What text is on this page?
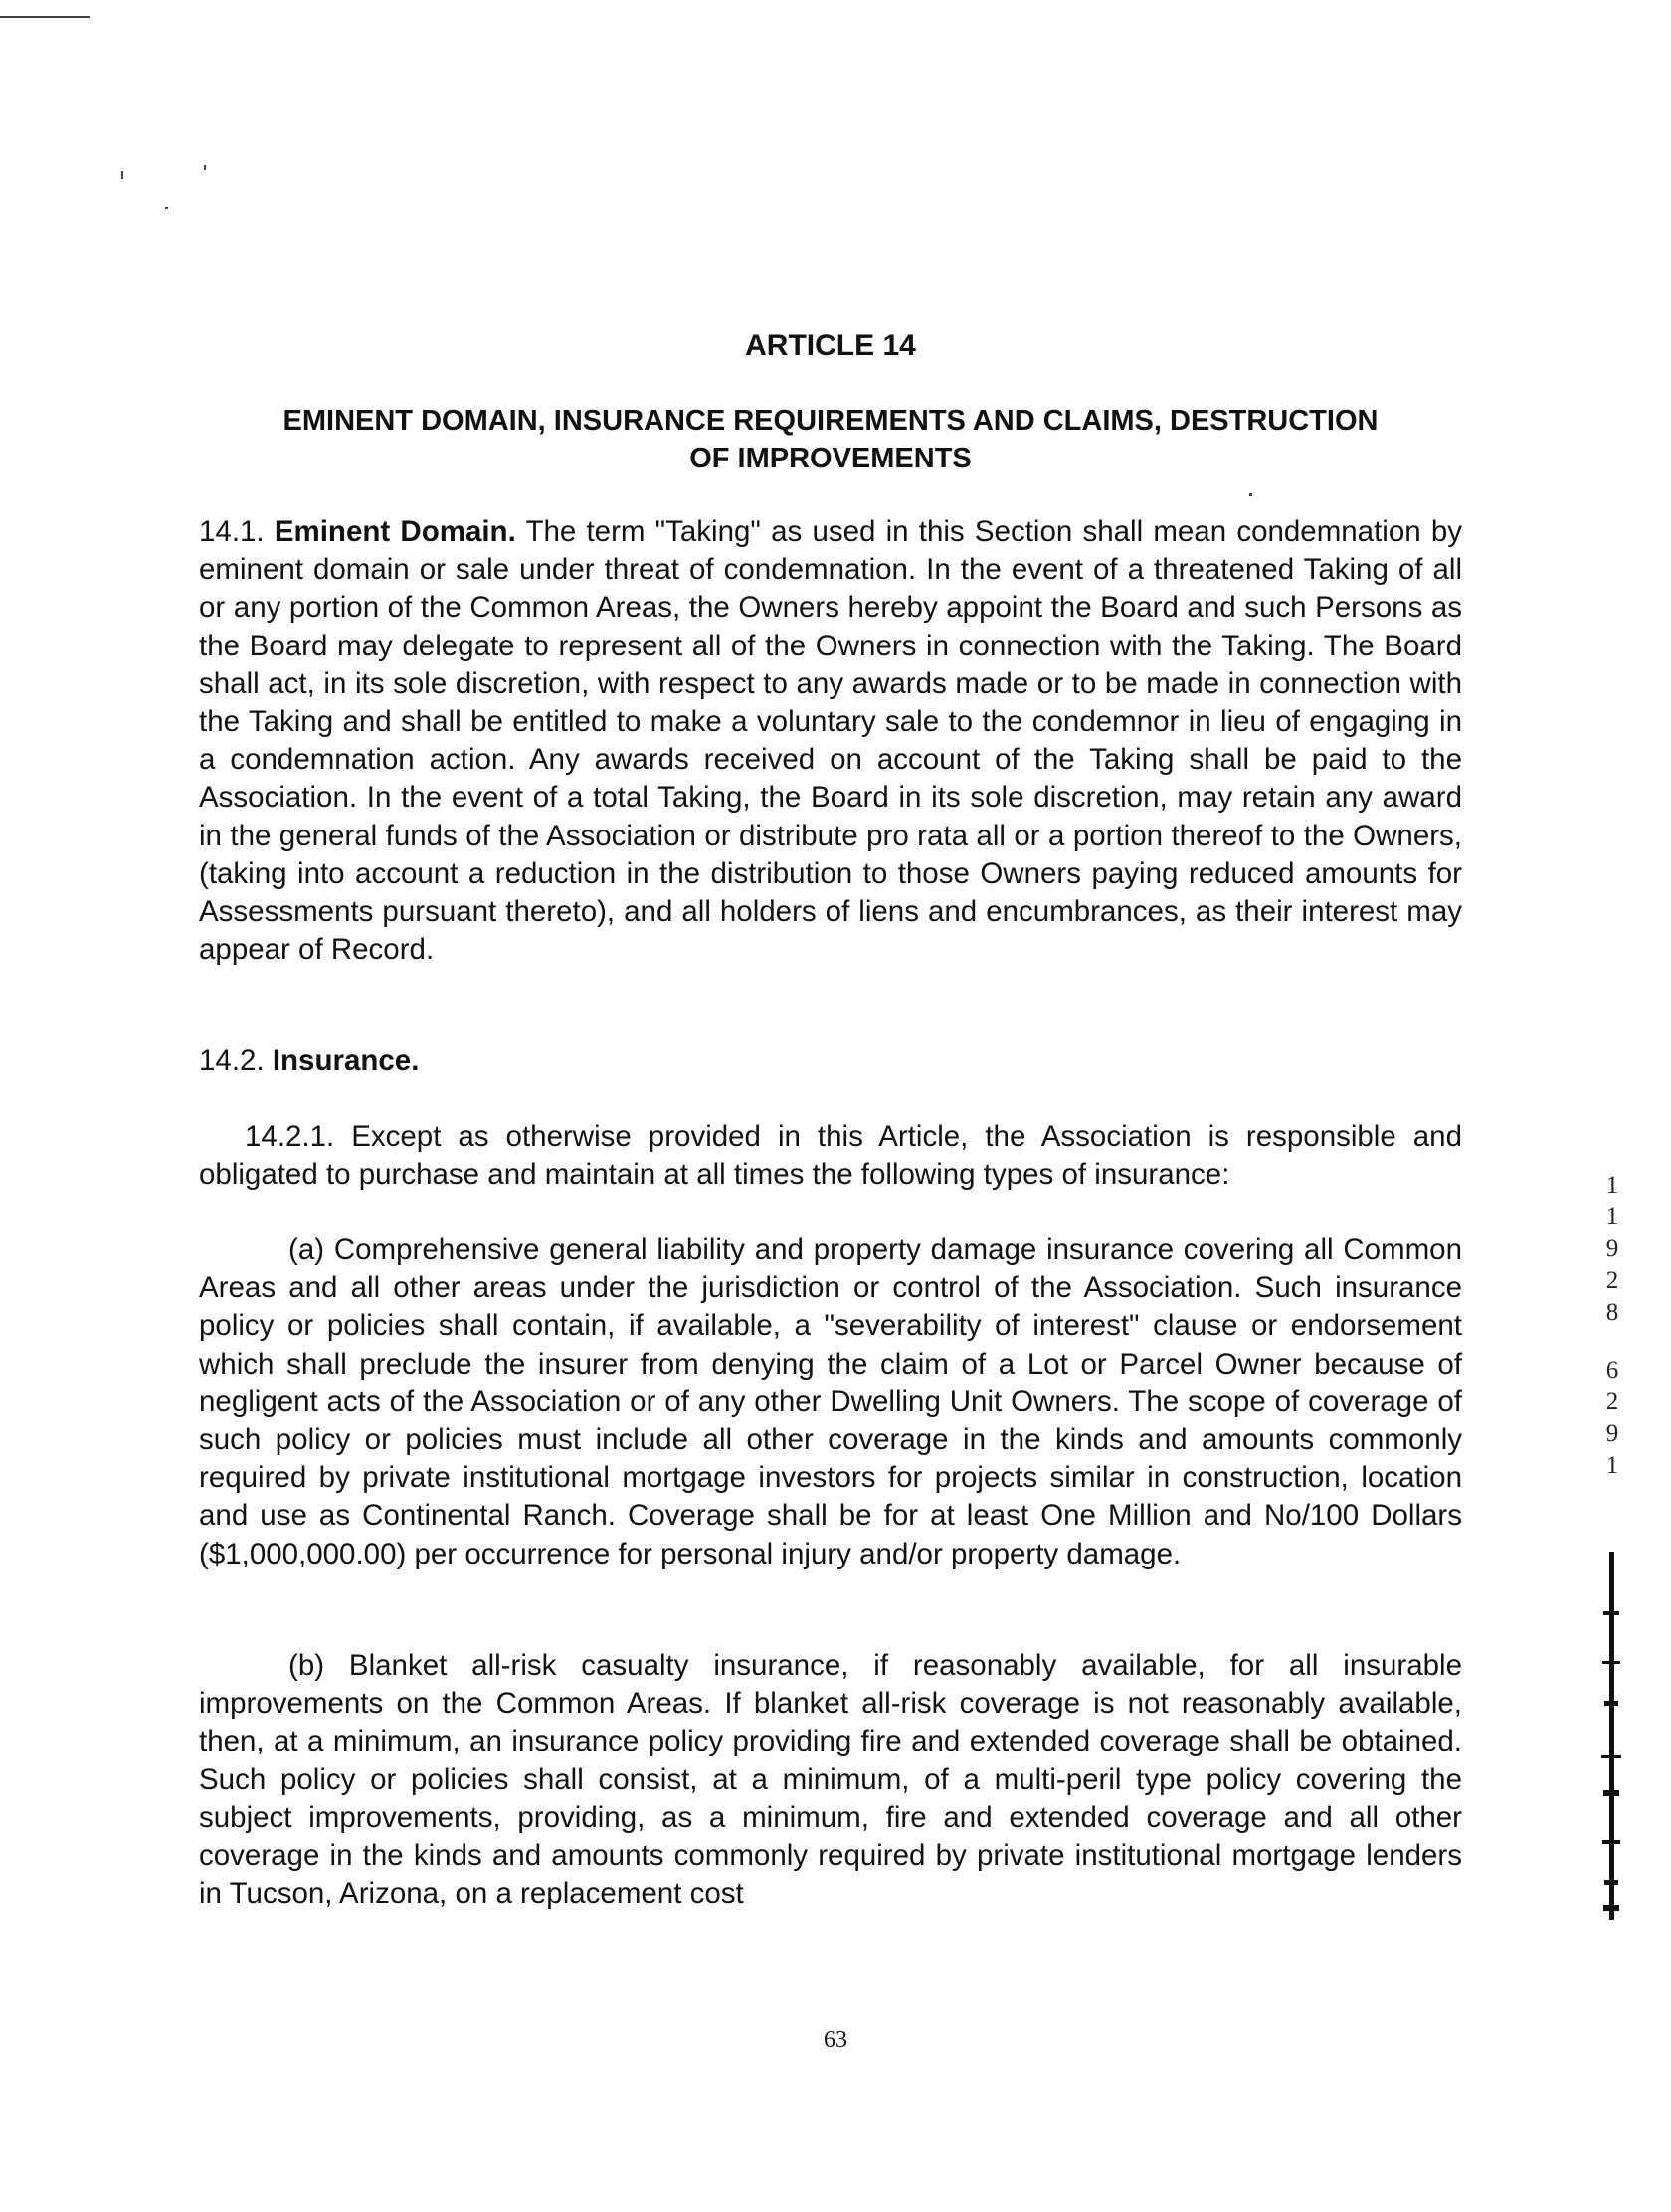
ARTICLE 14
EMINENT DOMAIN, INSURANCE REQUIREMENTS AND CLAIMS, DESTRUCTION
OF IMPROVEMENTS
14.1. Eminent Domain. The term "Taking" as used in this Section shall mean condemnation by eminent domain or sale under threat of condemnation. In the event of a threatened Taking of all or any portion of the Common Areas, the Owners hereby appoint the Board and such Persons as the Board may delegate to represent all of the Owners in connection with the Taking. The Board shall act, in its sole discretion, with respect to any awards made or to be made in connection with the Taking and shall be entitled to make a voluntary sale to the condemnor in lieu of engaging in a condemnation action. Any awards received on account of the Taking shall be paid to the Association. In the event of a total Taking, the Board in its sole discretion, may retain any award in the general funds of the Association or distribute pro rata all or a portion thereof to the Owners, (taking into account a reduction in the distribution to those Owners paying reduced amounts for Assessments pursuant thereto), and all holders of liens and encumbrances, as their interest may appear of Record.
14.2. Insurance.
14.2.1. Except as otherwise provided in this Article, the Association is responsible and obligated to purchase and maintain at all times the following types of insurance:
(a) Comprehensive general liability and property damage insurance covering all Common Areas and all other areas under the jurisdiction or control of the Association. Such insurance policy or policies shall contain, if available, a "severability of interest" clause or endorsement which shall preclude the insurer from denying the claim of a Lot or Parcel Owner because of negligent acts of the Association or of any other Dwelling Unit Owners. The scope of coverage of such policy or policies must include all other coverage in the kinds and amounts commonly required by private institutional mortgage investors for projects similar in construction, location and use as Continental Ranch. Coverage shall be for at least One Million and No/100 Dollars ($1,000,000.00) per occurrence for personal injury and/or property damage.
(b) Blanket all-risk casualty insurance, if reasonably available, for all insurable improvements on the Common Areas. If blanket all-risk coverage is not reasonably available, then, at a minimum, an insurance policy providing fire and extended coverage shall be obtained. Such policy or policies shall consist, at a minimum, of a multi-peril type policy covering the subject improvements, providing, as a minimum, fire and extended coverage and all other coverage in the kinds and amounts commonly required by private institutional mortgage lenders in Tucson, Arizona, on a replacement cost
63
1
1
9
2
8
6
2
9
1
